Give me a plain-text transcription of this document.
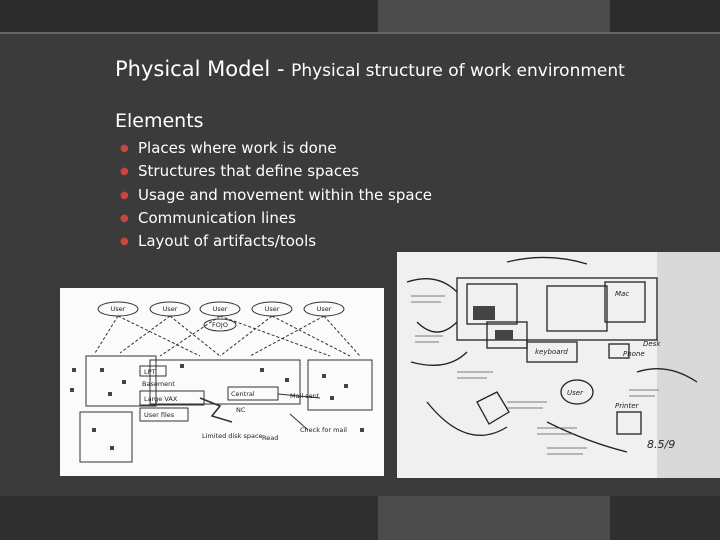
Physical Model - Physical structure of work environment
Elements
● Places where work is done
● Structures that define spaces
● Usage and movement within the space
● Communication lines
● Layout of artifacts/tools
User	User	User	User	User
FOJO
LPT
Basement
Large VAX
User files
Central
NC
Mail sent
Limited disk space Read
Check for mail
Mac
User
keyboard	Phone
Desk
Printer
8.5/9
